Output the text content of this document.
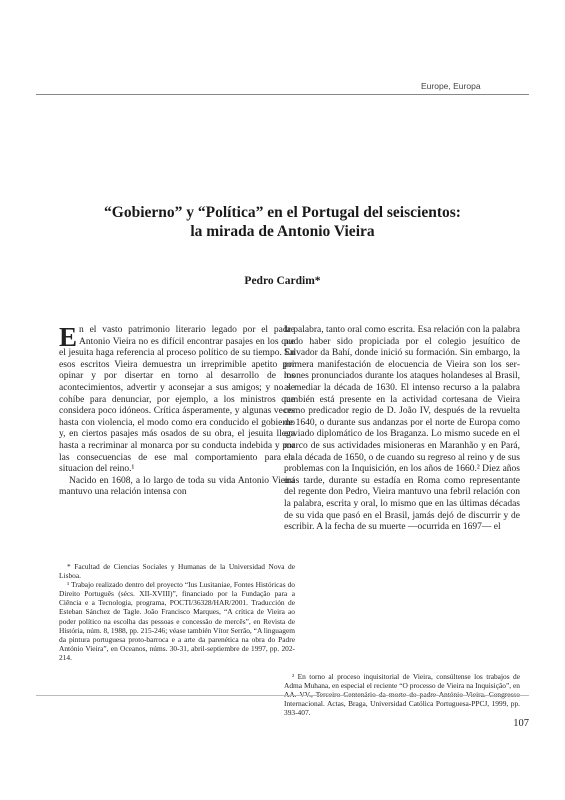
Europe, Europa
“Gobierno” y “Política” en el Portugal del seiscientos:
la mirada de Antonio Vieira
Pedro Cardim*

En el vasto patrimonio literario legado por el padre Antonio Vieira no es difícil encontrar pasajes en los que el jesuita haga referencia al proceso político de su tiempo. En esos escritos Vieira demuestra un irreprimible apetito por opinar y por disertar en torno al desarrollo de los acontecimientos, advertir y aconsejar a sus amigos; y no se cohíbe para denunciar, por ejemplo, a los ministros que considera poco idóneos. Crítica ásperamente, y algunas veces hasta con violencia, el modo como era conducido el gobierno y, en ciertos pasajes más osados de su obra, el jesuita llega hasta a recriminar al monarca por su conducta indebida y por las consecuencias de ese mal comportamiento para la situacion del reino.¹

Nacido en 1608, a lo largo de toda su vida Antonio Vieira mantuvo una relación intensa con

la palabra, tanto oral como escrita. Esa relación con la palabra pudo haber sido propiciada por el colegio jesuítico de Salvador da Bahí, donde inició su formación. Sin embargo, la primera manifestación de elocuencia de Vieira son los sermones pronunciados durante los ataques holandeses al Brasil, al mediar la década de 1630. El intenso recurso a la palabra también está presente en la actividad cortesana de Vieira como predicador regio de D. João IV, después de la revuelta de 1640, o durante sus andanzas por el norte de Europa como enviado diplomático de los Braganza. Lo mismo sucede en el marco de sus actividades misioneras en Maranhão y en Pará, en la década de 1650, o de cuando su regreso al reino y de sus problemas con la Inquisición, en los años de 1660.² Diez años más tarde, durante su estadía en Roma como representante del regente don Pedro, Vieira mantuvo una febril relación con la palabra, escrita y oral, lo mismo que en las últimas décadas de su vida que pasó en el Brasil, jamás dejó de discurrir y de escribir. A la fecha de su muerte —ocurrida en 1697— el

* Facultad de Ciencias Sociales y Humanas de la Universidad Nova de Lisboa.

¹ Trabajo realizado dentro del proyecto “Ius Lusitaniae, Fontes Históricas do Direito Português (sécs. XII-XVIII)”, financiado por la Fundação para a Ciência e a Tecnologia, programa, POCTI/36328/HAR/2001. Traducción de Esteban Sánchez de Tagle. João Francisco Marques, “A crítica de Vieira ao poder político na escolha das pessoas e concessão de mercês”, en Revista de História, núm. 8, 1988, pp. 215-246; véase también Vítor Serrão, “A linguagem da pintura portuguesa proto-barroca e a arte da parenética na obra do Padre António Vieira”, en Oceanos, núms. 30-31, abril-septiembre de 1997, pp. 202-214.

² En torno al proceso inquisitorial de Vieira, consúltense los trabajos de Adma Muhana, en especial el reciente “O processo de Vieira na Inquisição”, en Internacional. Actas, Braga, Universidad Católica Portuguesa-PPCJ, 1999, pp. 393-407.

107
